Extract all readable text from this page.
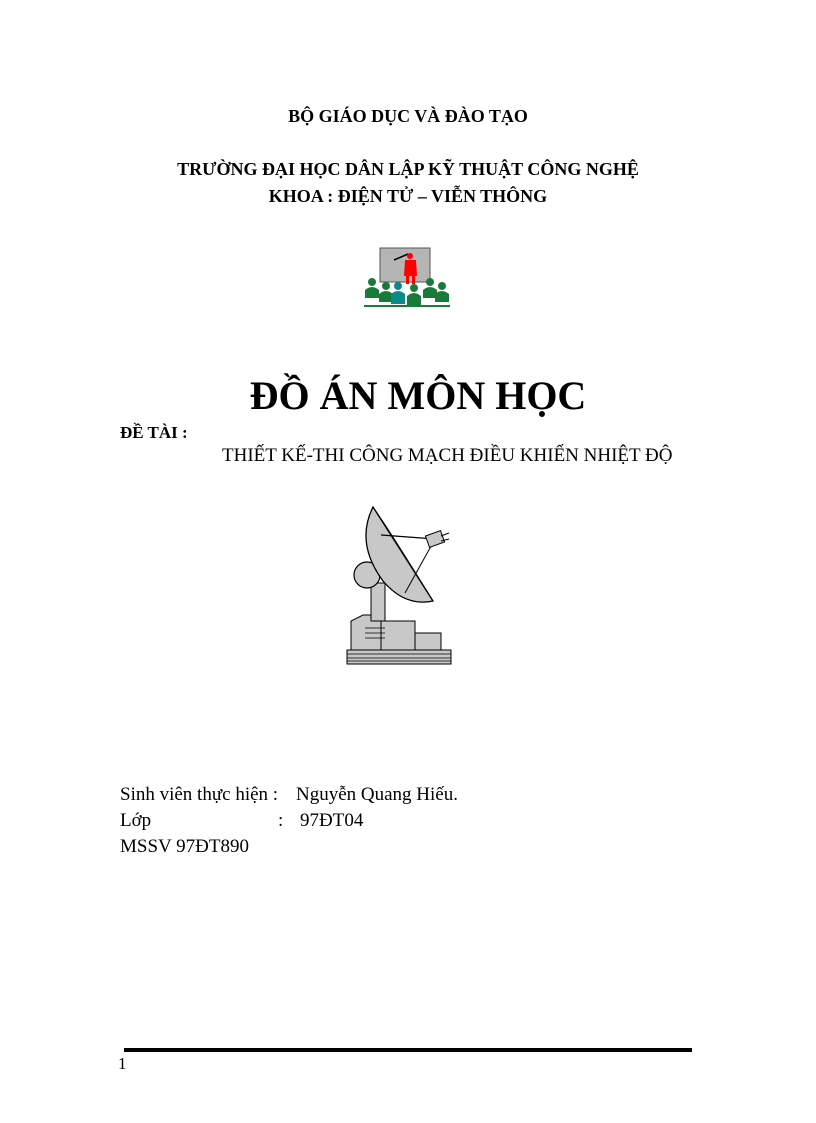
BỘ GIÁO DỤC VÀ ĐÀO TẠO
TRƯỜNG ĐẠI HỌC DÂN LẬP KỸ THUẬT CÔNG NGHỆ
KHOA : ĐIỆN TỬ – VIỄN THÔNG
ĐỒ ÁN MÔN HỌC
ĐỀ TÀI :
THIẾT KẾ-THI CÔNG MẠCH ĐIỀU KHIỂN NHIỆT ĐỘ
Sinh viên thực hiện : Nguyễn Quang Hiếu.
Lớp	: 97ĐT04
MSSV 97ĐT890
1
